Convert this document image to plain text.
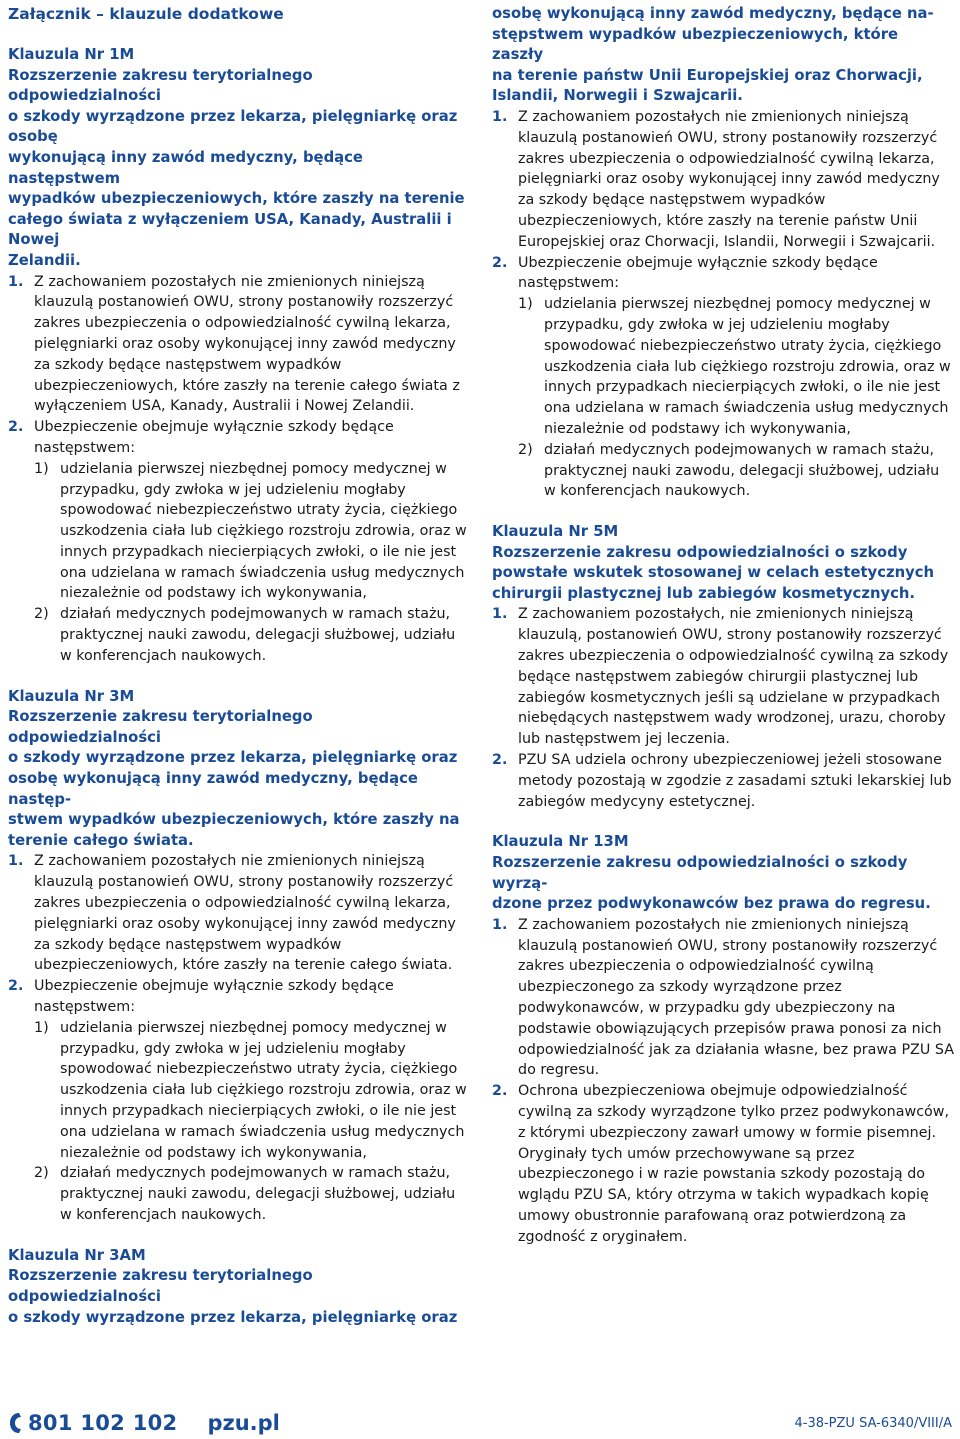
Załącznik – klauzule dodatkowe
Klauzula Nr 1M
Rozszerzenie zakresu terytorialnego odpowiedzialności
o szkody wyrządzone przez lekarza, pielęgniarkę oraz osobę
wykonującą inny zawód medyczny, będące następstwem
wypadków ubezpieczeniowych, które zaszły na terenie
całego świata z wyłączeniem USA, Kanady, Australii i Nowej
Zelandii.
1. Z zachowaniem pozostałych nie zmienionych niniejszą klauzulą postanowień OWU, strony postanowiły rozszerzyć zakres ubezpieczenia o odpowiedzialność cywilną lekarza, pielęgniarki oraz osoby wykonującej inny zawód medyczny za szkody będące następstwem wypadków ubezpieczeniowych, które zaszły na terenie całego świata z wyłączeniem USA, Kanady, Australii i Nowej Zelandii.
2. Ubezpieczenie obejmuje wyłącznie szkody będące następstwem:
1) udzielania pierwszej niezbędnej pomocy medycznej w przypadku, gdy zwłoka w jej udzieleniu mogłaby spowodować niebezpieczeństwo utraty życia, ciężkiego uszkodzenia ciała lub ciężkiego rozstroju zdrowia, oraz w innych przypadkach niecierpiących zwłoki, o ile nie jest ona udzielana w ramach świadczenia usług medycznych niezależnie od podstawy ich wykonywania,
2) działań medycznych podejmowanych w ramach stażu, praktycznej nauki zawodu, delegacji służbowej, udziału w konferencjach naukowych.
Klauzula Nr 3M
Rozszerzenie zakresu terytorialnego odpowiedzialności
o szkody wyrządzone przez lekarza, pielęgniarkę oraz
osobę wykonującą inny zawód medyczny, będące następ-
stwem wypadków ubezpieczeniowych, które zaszły na
terenie całego świata.
1. Z zachowaniem pozostałych nie zmienionych niniejszą klauzulą postanowień OWU, strony postanowiły rozszerzyć zakres ubezpieczenia o odpowiedzialność cywilną lekarza, pielęgniarki oraz osoby wykonującej inny zawód medyczny za szkody będące następstwem wypadków ubezpieczeniowych, które zaszły na terenie całego świata.
2. Ubezpieczenie obejmuje wyłącznie szkody będące następstwem:
1) udzielania pierwszej niezbędnej pomocy medycznej w przypadku, gdy zwłoka w jej udzieleniu mogłaby spowodować niebezpieczeństwo utraty życia, ciężkiego uszkodzenia ciała lub ciężkiego rozstroju zdrowia, oraz w innych przypadkach niecierpiących zwłoki, o ile nie jest ona udzielana w ramach świadczenia usług medycznych niezależnie od podstawy ich wykonywania,
2) działań medycznych podejmowanych w ramach stażu, praktycznej nauki zawodu, delegacji służbowej, udziału w konferencjach naukowych.
Klauzula Nr 3AM
Rozszerzenie zakresu terytorialnego odpowiedzialności
o szkody wyrządzone przez lekarza, pielęgniarkę oraz
osobę wykonującą inny zawód medyczny, będące na-
stępstwem wypadków ubezpieczeniowych, które zaszły
na terenie państw Unii Europejskiej oraz Chorwacji,
Islandii, Norwegii i Szwajcarii.
1. Z zachowaniem pozostałych nie zmienionych niniejszą klauzulą postanowień OWU, strony postanowiły rozszerzyć zakres ubezpieczenia o odpowiedzialność cywilną lekarza, pielęgniarki oraz osoby wykonującej inny zawód medyczny za szkody będące następstwem wypadków ubezpieczeniowych, które zaszły na terenie państw Unii Europejskiej oraz Chorwacji, Islandii, Norwegii i Szwajcarii.
2. Ubezpieczenie obejmuje wyłącznie szkody będące następstwem:
1) udzielania pierwszej niezbędnej pomocy medycznej w przypadku, gdy zwłoka w jej udzieleniu mogłaby spowodować niebezpieczeństwo utraty życia, ciężkiego uszkodzenia ciała lub ciężkiego rozstroju zdrowia, oraz w innych przypadkach niecierpiących zwłoki, o ile nie jest ona udzielana w ramach świadczenia usług medycznych niezależnie od podstawy ich wykonywania,
2) działań medycznych podejmowanych w ramach stażu, praktycznej nauki zawodu, delegacji służbowej, udziału w konferencjach naukowych.
Klauzula Nr 5M
Rozszerzenie zakresu odpowiedzialności o szkody
powstałe wskutek stosowanej w celach estetycznych
chirurgii plastycznej lub zabiegów kosmetycznych.
1. Z zachowaniem pozostałych, nie zmienionych niniejszą klauzulą, postanowień OWU, strony postanowiły rozszerzyć zakres ubezpieczenia o odpowiedzialność cywilną za szkody będące następstwem zabiegów chirurgii plastycznej lub zabiegów kosmetycznych jeśli są udzielane w przypadkach niebędących następstwem wady wrodzonej, urazu, choroby lub następstwem jej leczenia.
2. PZU SA udziela ochrony ubezpieczeniowej jeżeli stosowane metody pozostają w zgodzie z zasadami sztuki lekarskiej lub zabiegów medycyny estetycznej.
Klauzula Nr 13M
Rozszerzenie zakresu odpowiedzialności o szkody wyrzą-
dzone przez podwykonawców bez prawa do regresu.
1. Z zachowaniem pozostałych nie zmienionych niniejszą klauzulą postanowień OWU, strony postanowiły rozszerzyć zakres ubezpieczenia o odpowiedzialność cywilną ubezpieczonego za szkody wyrządzone przez podwykonawców, w przypadku gdy ubezpieczony na podstawie obowiązujących przepisów prawa ponosi za nich odpowiedzialność jak za działania własne, bez prawa PZU SA do regresu.
2. Ochrona ubezpieczeniowa obejmuje odpowiedzialność cywilną za szkody wyrządzone tylko przez podwykonawców, z którymi ubezpieczony zawarł umowy w formie pisemnej. Oryginały tych umów przechowywane są przez ubezpieczonego i w razie powstania szkody pozostają do wglądu PZU SA, który otrzyma w takich wypadkach kopię umowy obustronnie parafowaną oraz potwierdzoną za zgodność z oryginałem.
801 102 102 pzu.pl	4-38-PZU SA-6340/VIII/A
